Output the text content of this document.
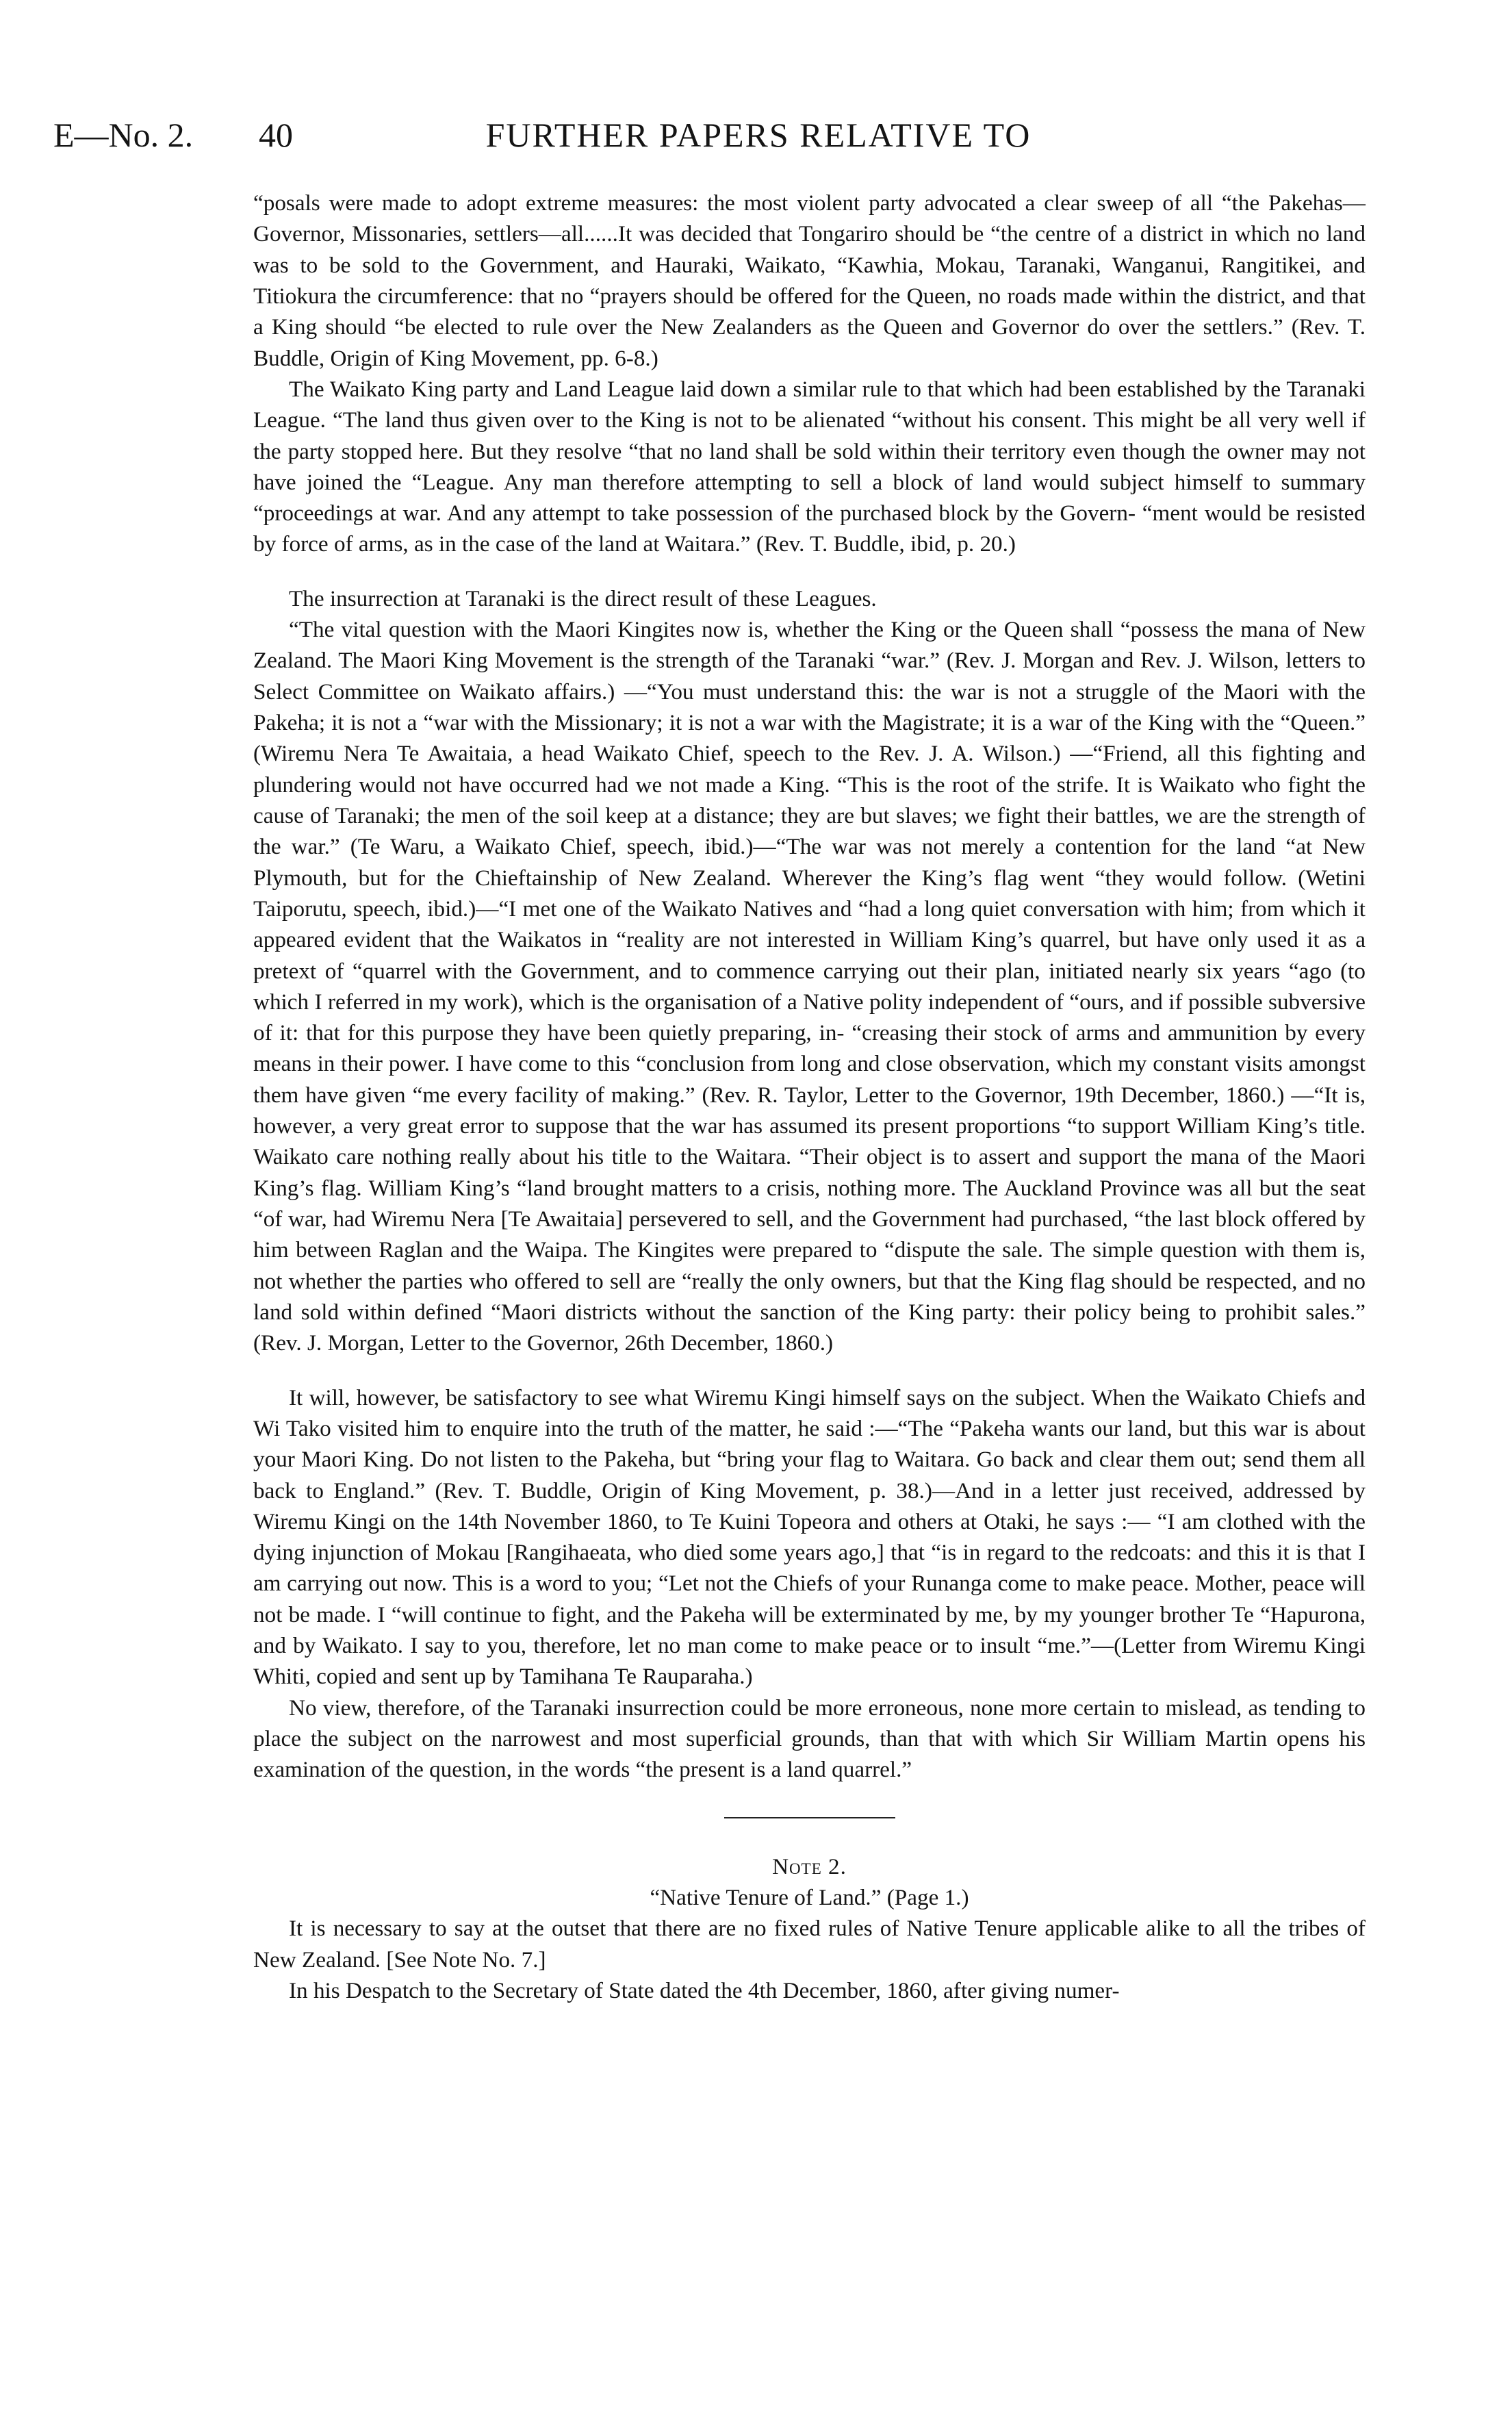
E—No. 2. 40	FURTHER PAPERS RELATIVE TO

“posals were made to adopt extreme measures: the most violent party advocated a clear sweep of all “the Pakehas—Governor, Missonaries, settlers—all......It was decided that Tongariro should be “the centre of a district in which no land was to be sold to the Government, and Hauraki, Waikato, “Kawhia, Mokau, Taranaki, Wanganui, Rangitikei, and Titiokura the circumference: that no “prayers should be offered for the Queen, no roads made within the district, and that a King should “be elected to rule over the New Zealanders as the Queen and Governor do over the settlers.” (Rev. T. Buddle, Origin of King Movement, pp. 6-8.)

The Waikato King party and Land League laid down a similar rule to that which had been established by the Taranaki League. “The land thus given over to the King is not to be alienated “without his consent. This might be all very well if the party stopped here. But they resolve “that no land shall be sold within their territory even though the owner may not have joined the “League. Any man therefore attempting to sell a block of land would subject himself to summary “proceedings at war. And any attempt to take possession of the purchased block by the Govern- “ment would be resisted by force of arms, as in the case of the land at Waitara.” (Rev. T. Buddle, ibid, p. 20.)

The insurrection at Taranaki is the direct result of these Leagues.

“The vital question with the Maori Kingites now is, whether the King or the Queen shall “possess the mana of New Zealand. The Maori King Movement is the strength of the Taranaki “war.” (Rev. J. Morgan and Rev. J. Wilson, letters to Select Committee on Waikato affairs.) —“You must understand this: the war is not a struggle of the Maori with the Pakeha; it is not a “war with the Missionary; it is not a war with the Magistrate; it is a war of the King with the “Queen.” (Wiremu Nera Te Awaitaia, a head Waikato Chief, speech to the Rev. J. A. Wilson.) —“Friend, all this fighting and plundering would not have occurred had we not made a King. “This is the root of the strife. It is Waikato who fight the cause of Taranaki; the men of the soil keep at a distance; they are but slaves; we fight their battles, we are the strength of the war.” (Te Waru, a Waikato Chief, speech, ibid.)—“The war was not merely a contention for the land “at New Plymouth, but for the Chieftainship of New Zealand. Wherever the King’s flag went “they would follow. (Wetini Taiporutu, speech, ibid.)—“I met one of the Waikato Natives and “had a long quiet conversation with him; from which it appeared evident that the Waikatos in “reality are not interested in William King’s quarrel, but have only used it as a pretext of “quarrel with the Government, and to commence carrying out their plan, initiated nearly six years “ago (to which I referred in my work), which is the organisation of a Native polity independent of “ours, and if possible subversive of it: that for this purpose they have been quietly preparing, in- “creasing their stock of arms and ammunition by every means in their power. I have come to this “conclusion from long and close observation, which my constant visits amongst them have given “me every facility of making.” (Rev. R. Taylor, Letter to the Governor, 19th December, 1860.) —“It is, however, a very great error to suppose that the war has assumed its present proportions “to support William King’s title. Waikato care nothing really about his title to the Waitara. “Their object is to assert and support the mana of the Maori King’s flag. William King’s “land brought matters to a crisis, nothing more. The Auckland Province was all but the seat “of war, had Wiremu Nera [Te Awaitaia] persevered to sell, and the Government had purchased, “the last block offered by him between Raglan and the Waipa. The Kingites were prepared to “dispute the sale. The simple question with them is, not whether the parties who offered to sell are “really the only owners, but that the King flag should be respected, and no land sold within defined “Maori districts without the sanction of the King party: their policy being to prohibit sales.” (Rev. J. Morgan, Letter to the Governor, 26th December, 1860.)

It will, however, be satisfactory to see what Wiremu Kingi himself says on the subject. When the Waikato Chiefs and Wi Tako visited him to enquire into the truth of the matter, he said :—“The “Pakeha wants our land, but this war is about your Maori King. Do not listen to the Pakeha, but “bring your flag to Waitara. Go back and clear them out; send them all back to England.” (Rev. T. Buddle, Origin of King Movement, p. 38.)—And in a letter just received, addressed by Wiremu Kingi on the 14th November 1860, to Te Kuini Topeora and others at Otaki, he says :— “I am clothed with the dying injunction of Mokau [Rangihaeata, who died some years ago,] that “is in regard to the redcoats: and this it is that I am carrying out now. This is a word to you; “Let not the Chiefs of your Runanga come to make peace. Mother, peace will not be made. I “will continue to fight, and the Pakeha will be exterminated by me, by my younger brother Te “Hapurona, and by Waikato. I say to you, therefore, let no man come to make peace or to insult “me.”—(Letter from Wiremu Kingi Whiti, copied and sent up by Tamihana Te Rauparaha.)

No view, therefore, of the Taranaki insurrection could be more erroneous, none more certain to mislead, as tending to place the subject on the narrowest and most superficial grounds, than that with which Sir William Martin opens his examination of the question, in the words “the present is a land quarrel.”

Note 2.

“Native Tenure of Land.” (Page 1.)

It is necessary to say at the outset that there are no fixed rules of Native Tenure applicable alike to all the tribes of New Zealand. [See Note No. 7.]

In his Despatch to the Secretary of State dated the 4th December, 1860, after giving numer-
